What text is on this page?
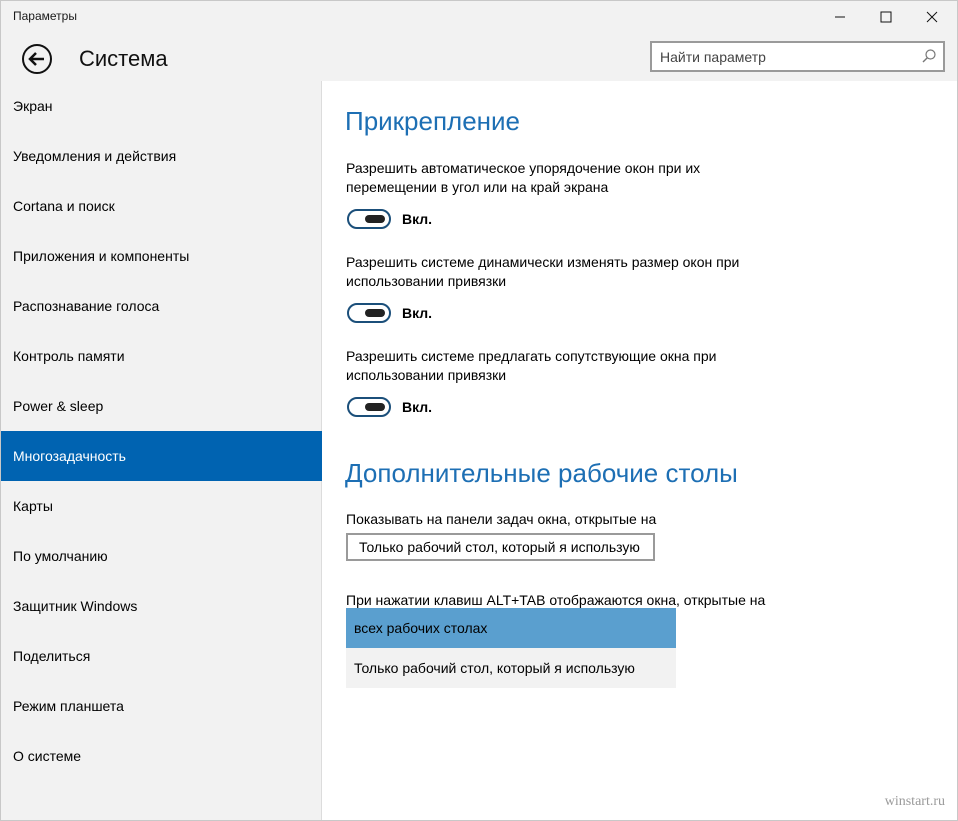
Параметры
Система
Найти параметр
Экран
Уведомления и действия
Cortana и поиск
Приложения и компоненты
Распознавание голоса
Контроль памяти
Power & sleep
Многозадачность
Карты
По умолчанию
Защитник Windows
Поделиться
Режим планшета
О системе
Прикрепление

Разрешить автоматическое упорядочение окон при их перемещении в угол или на край экрана

Вкл.

Разрешить системе динамически изменять размер окон при использовании привязки

Вкл.

Разрешить системе предлагать сопутствующие окна при использовании привязки

Вкл.
Дополнительные рабочие столы

Показывать на панели задач окна, открытые на

Только рабочий стол, который я использую

При нажатии клавиш ALT+TAB отображаются окна, открытые на

всех рабочих столах
Только рабочий стол, который я использую
winstart.ru
